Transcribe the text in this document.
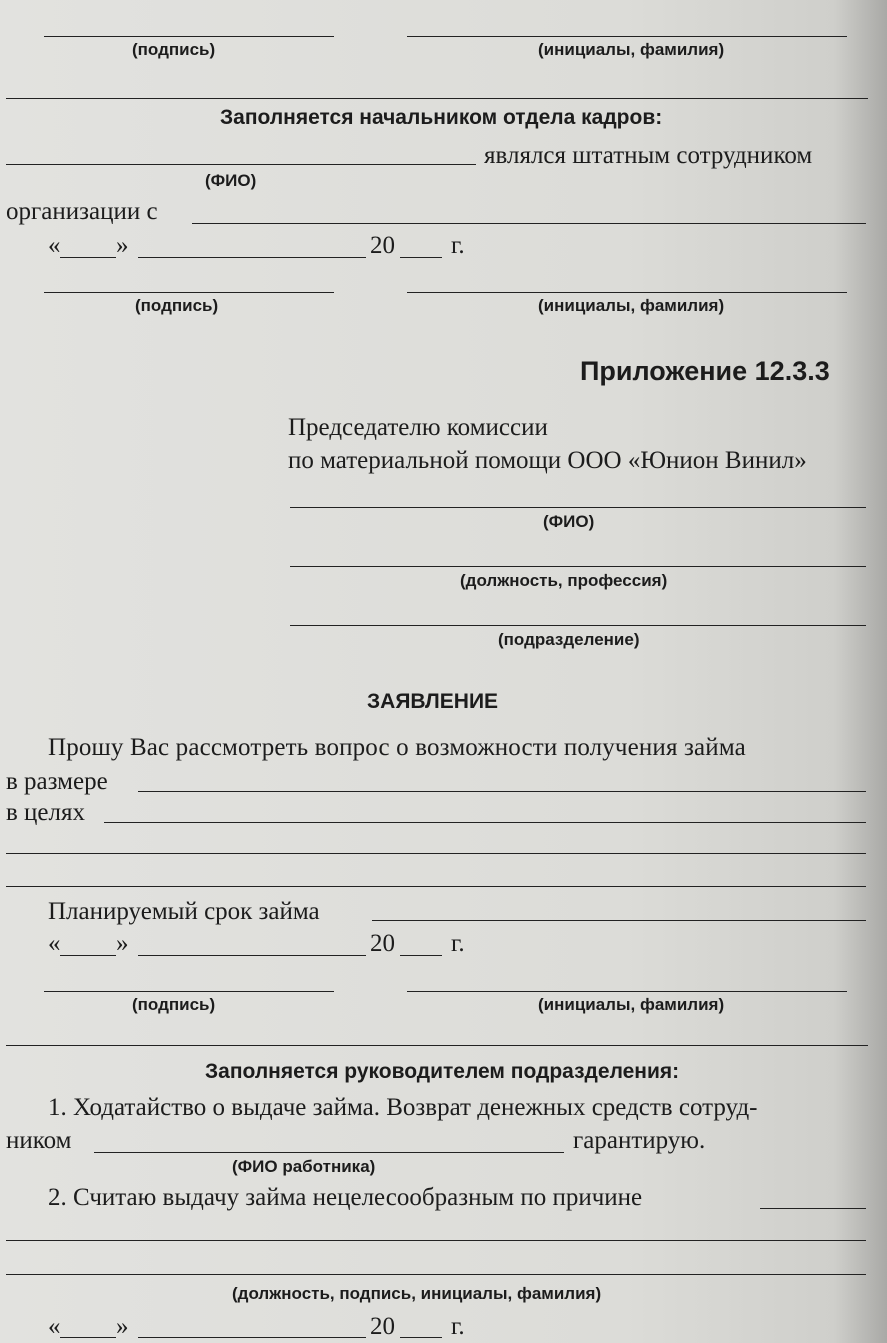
(подпись)	(инициалы, фамилия)
Заполняется начальником отдела кадров:
являлся штатным сотрудником
(ФИО)
организации с
« »	20 г.
(подпись)	(инициалы, фамилия)
Приложение 12.3.3
Председателю комиссии
по материальной помощи ООО «Юнион Винил»
(ФИО)
(должность, профессия)
(подразделение)
ЗАЯВЛЕНИЕ
Прошу Вас рассмотреть вопрос о возможности получения займа
в размере
в целях
Планируемый срок займа
« »	20 г.
(подпись)	(инициалы, фамилия)
Заполняется руководителем подразделения:
1. Ходатайство о выдаче займа. Возврат денежных средств сотруд-
ником	гарантирую.
(ФИО работника)
2. Считаю выдачу займа нецелесообразным по причине
(должность, подпись, инициалы, фамилия)
« »	20 г.
